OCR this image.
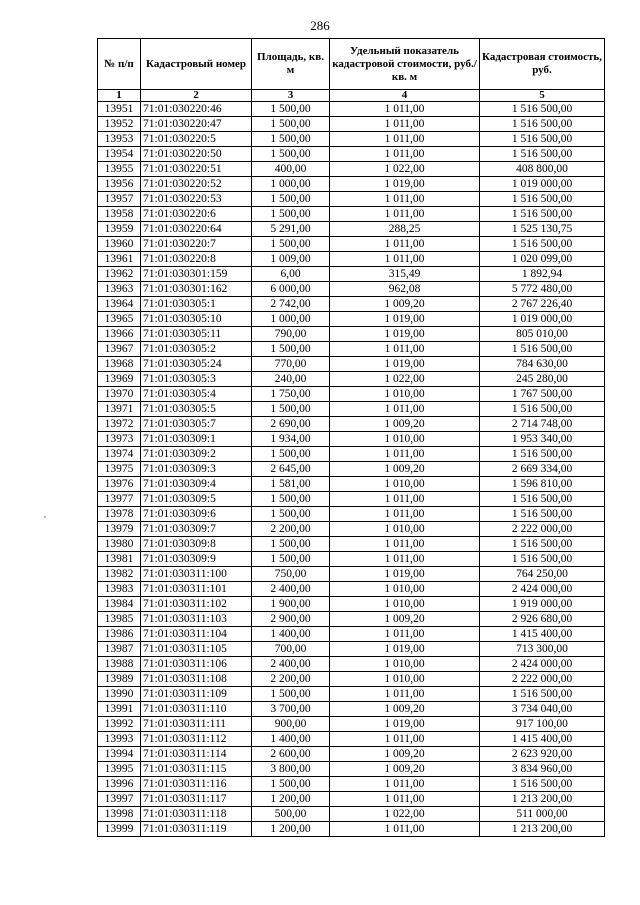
286
№ п/п	Кадастровый номер	Площадь, кв. м	Удельный показатель кадастровой стоимости, руб./кв. м	Кадастровая стоимость, руб.
1	2	3	4	5
13951	71:01:030220:46	1 500,00	1 011,00	1 516 500,00
13952	71:01:030220:47	1 500,00	1 011,00	1 516 500,00
13953	71:01:030220:5	1 500,00	1 011,00	1 516 500,00
13954	71:01:030220:50	1 500,00	1 011,00	1 516 500,00
13955	71:01:030220:51	400,00	1 022,00	408 800,00
13956	71:01:030220:52	1 000,00	1 019,00	1 019 000,00
13957	71:01:030220:53	1 500,00	1 011,00	1 516 500,00
13958	71:01:030220:6	1 500,00	1 011,00	1 516 500,00
13959	71:01:030220:64	5 291,00	288,25	1 525 130,75
13960	71:01:030220:7	1 500,00	1 011,00	1 516 500,00
13961	71:01:030220:8	1 009,00	1 011,00	1 020 099,00
13962	71:01:030301:159	6,00	315,49	1 892,94
13963	71:01:030301:162	6 000,00	962,08	5 772 480,00
13964	71:01:030305:1	2 742,00	1 009,20	2 767 226,40
13965	71:01:030305:10	1 000,00	1 019,00	1 019 000,00
13966	71:01:030305:11	790,00	1 019,00	805 010,00
13967	71:01:030305:2	1 500,00	1 011,00	1 516 500,00
13968	71:01:030305:24	770,00	1 019,00	784 630,00
13969	71:01:030305:3	240,00	1 022,00	245 280,00
13970	71:01:030305:4	1 750,00	1 010,00	1 767 500,00
13971	71:01:030305:5	1 500,00	1 011,00	1 516 500,00
13972	71:01:030305:7	2 690,00	1 009,20	2 714 748,00
13973	71:01:030309:1	1 934,00	1 010,00	1 953 340,00
13974	71:01:030309:2	1 500,00	1 011,00	1 516 500,00
13975	71:01:030309:3	2 645,00	1 009,20	2 669 334,00
13976	71:01:030309:4	1 581,00	1 010,00	1 596 810,00
13977	71:01:030309:5	1 500,00	1 011,00	1 516 500,00
13978	71:01:030309:6	1 500,00	1 011,00	1 516 500,00
13979	71:01:030309:7	2 200,00	1 010,00	2 222 000,00
13980	71:01:030309:8	1 500,00	1 011,00	1 516 500,00
13981	71:01:030309:9	1 500,00	1 011,00	1 516 500,00
13982	71:01:030311:100	750,00	1 019,00	764 250,00
13983	71:01:030311:101	2 400,00	1 010,00	2 424 000,00
13984	71:01:030311:102	1 900,00	1 010,00	1 919 000,00
13985	71:01:030311:103	2 900,00	1 009,20	2 926 680,00
13986	71:01:030311:104	1 400,00	1 011,00	1 415 400,00
13987	71:01:030311:105	700,00	1 019,00	713 300,00
13988	71:01:030311:106	2 400,00	1 010,00	2 424 000,00
13989	71:01:030311:108	2 200,00	1 010,00	2 222 000,00
13990	71:01:030311:109	1 500,00	1 011,00	1 516 500,00
13991	71:01:030311:110	3 700,00	1 009,20	3 734 040,00
13992	71:01:030311:111	900,00	1 019,00	917 100,00
13993	71:01:030311:112	1 400,00	1 011,00	1 415 400,00
13994	71:01:030311:114	2 600,00	1 009,20	2 623 920,00
13995	71:01:030311:115	3 800,00	1 009,20	3 834 960,00
13996	71:01:030311:116	1 500,00	1 011,00	1 516 500,00
13997	71:01:030311:117	1 200,00	1 011,00	1 213 200,00
13998	71:01:030311:118	500,00	1 022,00	511 000,00
13999	71:01:030311:119	1 200,00	1 011,00	1 213 200,00
